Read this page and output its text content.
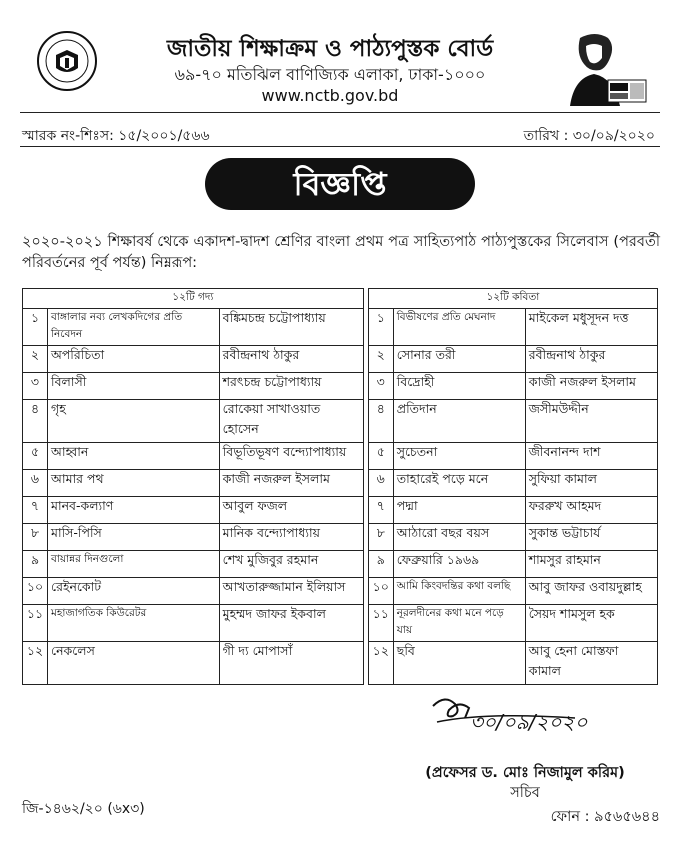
জাতীয় শিক্ষাক্রম ও পাঠ্যপুস্তক বোর্ড
৬৯-৭০ মতিঝিল বাণিজ্যিক এলাকা, ঢাকা-১০০০
www.nctb.gov.bd
স্মারক নং-শিঃস: ১৫/২০০১/৫৬৬	তারিখ : ৩০/০৯/২০২০
বিজ্ঞপ্তি
২০২০-২০২১ শিক্ষাবর্ষ থেকে একাদশ-দ্বাদশ শ্রেণির বাংলা প্রথম পত্র সাহিত্যপাঠ পাঠ্যপুস্তকের সিলেবাস (পরবর্তী পরিবর্তনের পূর্ব পর্যন্ত) নিম্নরূপ:
১২টি গদ্য				১২টি কবিতা		
১	বাঙ্গালার নব্য লেখকদিগের প্রতি নিবেদন	বঙ্কিমচন্দ্র চট্টোপাধ্যায়		১	বিভীষণের প্রতি মেঘনাদ	মাইকেল মধুসূদন দত্ত
২	অপরিচিতা	রবীন্দ্রনাথ ঠাকুর		২	সোনার তরী	রবীন্দ্রনাথ ঠাকুর
৩	বিলাসী	শরৎচন্দ্র চট্টোপাধ্যায়		৩	বিদ্রোহী	কাজী নজরুল ইসলাম
৪	গৃহ	রোকেয়া সাখাওয়াত হোসেন		৪	প্রতিদান	জসীমউদ্দীন
৫	আহ্বান	বিভূতিভূষণ বন্দ্যোপাধ্যায়		৫	সুচেতনা	জীবনানন্দ দাশ
৬	আমার পথ	কাজী নজরুল ইসলাম		৬	তাহারেই পড়ে মনে	সুফিয়া কামাল
৭	মানব-কল্যাণ	আবুল ফজল		৭	পদ্মা	ফররুখ আহমদ
৮	মাসি-পিসি	মানিক বন্দ্যোপাধ্যায়		৮	আঠারো বছর বয়স	সুকান্ত ভট্টাচার্য
৯	বায়ান্নর দিনগুলো	শেখ মুজিবুর রহমান		৯	ফেব্রুয়ারি ১৯৬৯	শামসুর রাহমান
১০	রেইনকোট	আখতারুজ্জামান ইলিয়াস		১০	আমি কিংবদন্তির কথা বলছি	আবু জাফর ওবায়দুল্লাহ
১১	মহাজাগতিক কিউরেটর	মুহম্মদ জাফর ইকবাল		১১	নূরলদীনের কথা মনে পড়ে যায়	সৈয়দ শামসুল হক
১২	নেকলেস	গী দ্য মোপাসাঁ		১২	ছবি	আবু হেনা মোস্তফা কামাল
৩০/০৯/২০২০
(প্রফেসর ড. মোঃ নিজামুল করিম)
সচিব
ফোন : ৯৫৬৫৬৪৪
জি-১৪৬২/২০ (৬x৩)
